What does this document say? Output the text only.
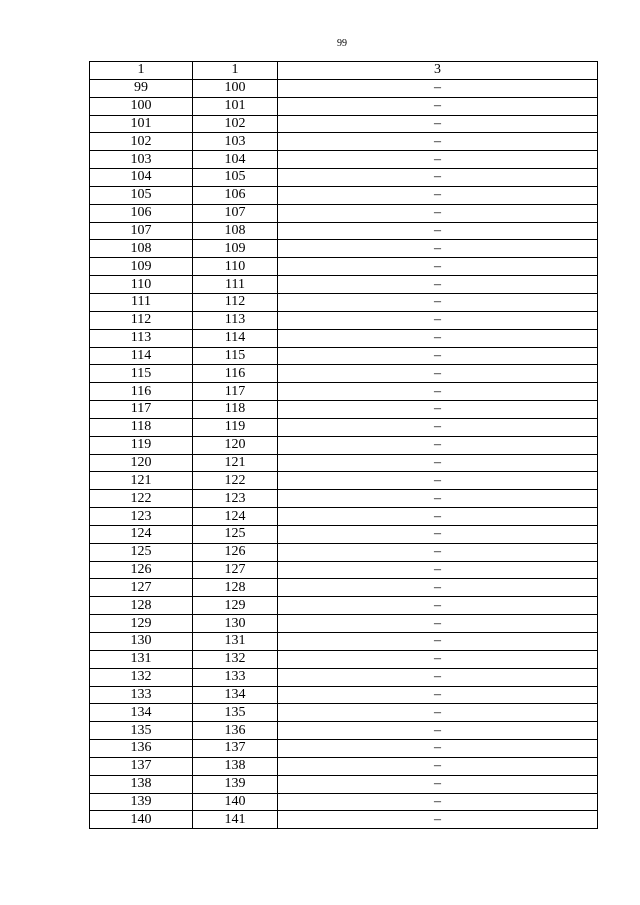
99
1	1	3
99	100	–
100	101	–
101	102	–
102	103	–
103	104	–
104	105	–
105	106	–
106	107	–
107	108	–
108	109	–
109	110	–
110	111	–
111	112	–
112	113	–
113	114	–
114	115	–
115	116	–
116	117	–
117	118	–
118	119	–
119	120	–
120	121	–
121	122	–
122	123	–
123	124	–
124	125	–
125	126	–
126	127	–
127	128	–
128	129	–
129	130	–
130	131	–
131	132	–
132	133	–
133	134	–
134	135	–
135	136	–
136	137	–
137	138	–
138	139	–
139	140	–
140	141	–
